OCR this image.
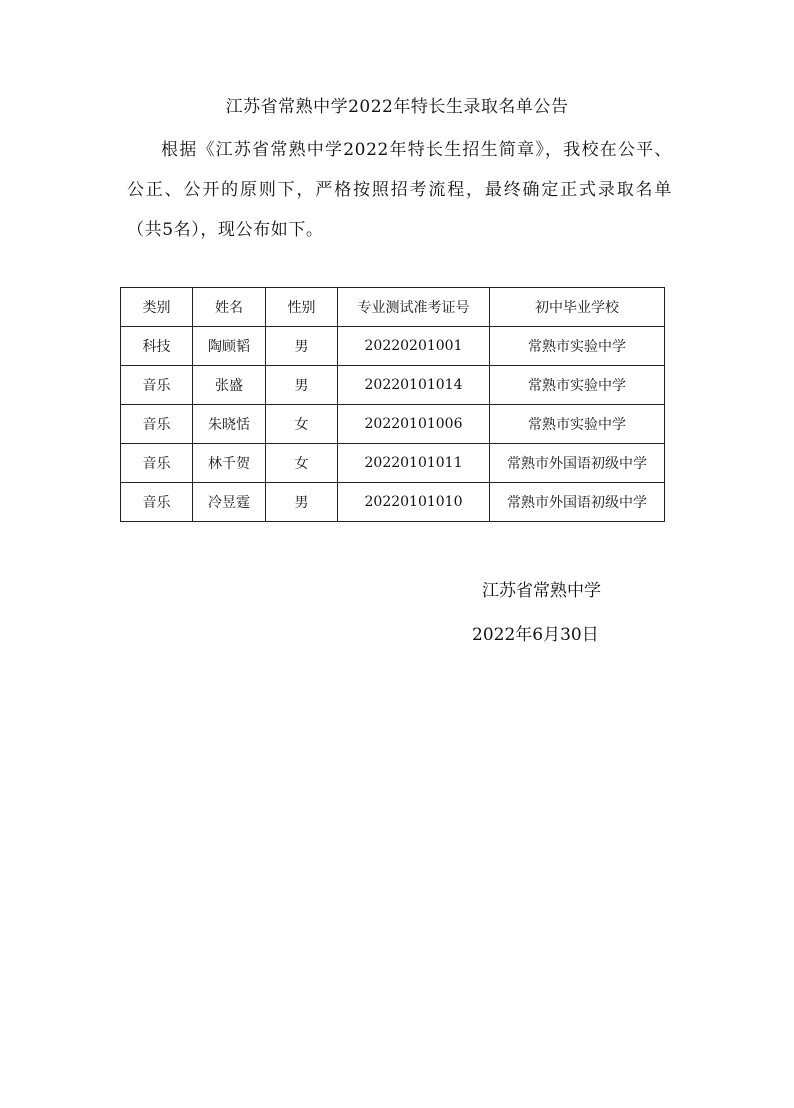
江苏省常熟中学2022年特长生录取名单公告

根据《江苏省常熟中学2022年特长生招生简章》，我校在公平、公正、公开的原则下，严格按照招考流程，最终确定正式录取名单（共5名），现公布如下。

类别	姓名	性别	专业测试准考证号	初中毕业学校
科技	陶顾韬	男	20220201001	常熟市实验中学
音乐	张盛	男	20220101014	常熟市实验中学
音乐	朱晓恬	女	20220101006	常熟市实验中学
音乐	林千贺	女	20220101011	常熟市外国语初级中学
音乐	冷昱霆	男	20220101010	常熟市外国语初级中学

江苏省常熟中学

2022年6月30日
